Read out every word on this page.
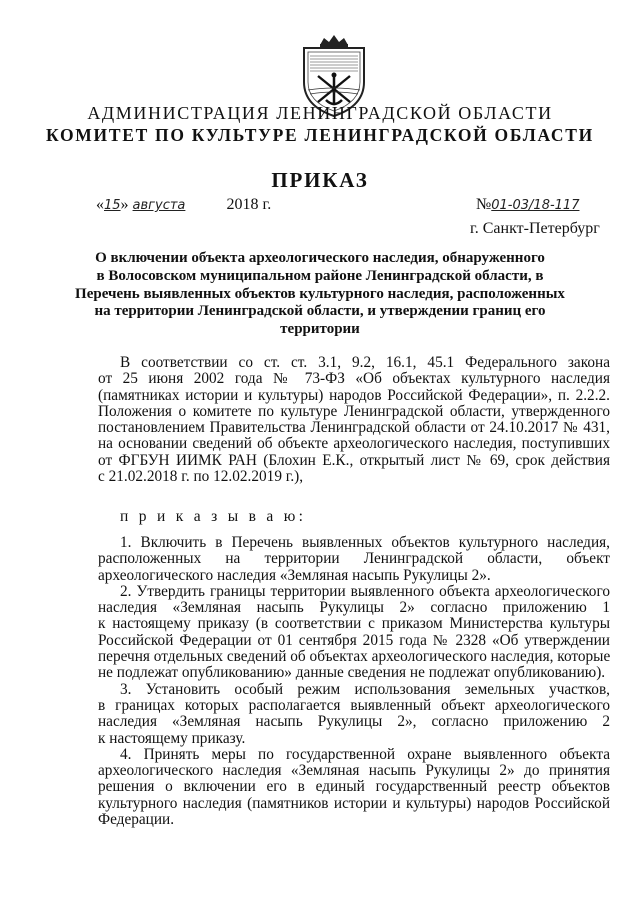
АДМИНИСТРАЦИЯ ЛЕНИНГРАДСКОЙ ОБЛАСТИ

КОМИТЕТ ПО КУЛЬТУРЕ ЛЕНИНГРАДСКОЙ ОБЛАСТИ

ПРИКАЗ

«15» августа	2018 г.	№01-03/18-117

г. Санкт-Петербург

О включении объекта археологического наследия, обнаруженного
в Волосовском муниципальном районе Ленинградской области, в
Перечень выявленных объектов культурного наследия, расположенных
на территории Ленинградской области, и утверждении границ его
территории
В соответствии со ст. ст. 3.1, 9.2, 16.1, 45.1 Федерального закона
от 25 июня 2002 года № 73-ФЗ «Об объектах культурного наследия
(памятниках истории и культуры) народов Российской Федерации», п. 2.2.2.
Положения о комитете по культуре Ленинградской области, утвержденного
постановлением Правительства Ленинградской области от 24.10.2017 № 431,
на основании сведений об объекте археологического наследия, поступивших
от ФГБУН ИИМК РАН (Блохин Е.К., открытый лист № 69, срок действия
с 21.02.2018 г. по 12.02.2019 г.),

п р и к а з ы в а ю:

1. Включить в Перечень выявленных объектов культурного наследия,
расположенных на территории Ленинградской области, объект
археологического наследия «Земляная насыпь Рукулицы 2».
2. Утвердить границы территории выявленного объекта археологического
наследия «Земляная насыпь Рукулицы 2» согласно приложению 1
к настоящему приказу (в соответствии с приказом Министерства культуры
Российской Федерации от 01 сентября 2015 года № 2328 «Об утверждении
перечня отдельных сведений об объектах археологического наследия, которые
не подлежат опубликованию» данные сведения не подлежат опубликованию).
3. Установить особый режим использования земельных участков,
в границах которых располагается выявленный объект археологического
наследия «Земляная насыпь Рукулицы 2», согласно приложению 2
к настоящему приказу.
4. Принять меры по государственной охране выявленного объекта
археологического наследия «Земляная насыпь Рукулицы 2» до принятия
решения о включении его в единый государственный реестр объектов
культурного наследия (памятников истории и культуры) народов Российской
Федерации.
